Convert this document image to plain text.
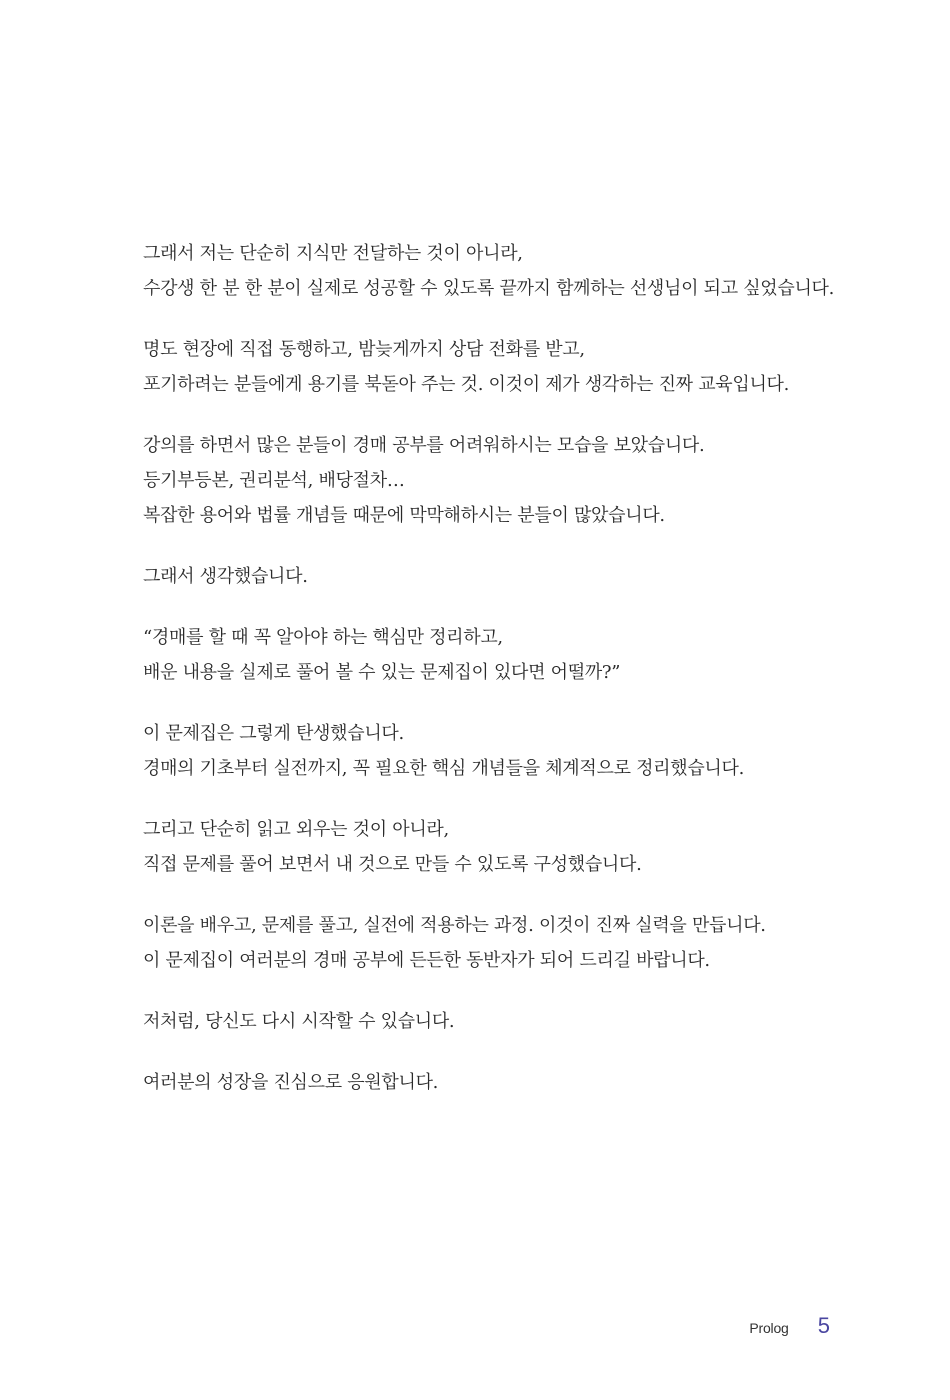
그래서 저는 단순히 지식만 전달하는 것이 아니라,
수강생 한 분 한 분이 실제로 성공할 수 있도록 끝까지 함께하는 선생님이 되고 싶었습니다.

명도 현장에 직접 동행하고, 밤늦게까지 상담 전화를 받고,
포기하려는 분들에게 용기를 북돋아 주는 것. 이것이 제가 생각하는 진짜 교육입니다.

강의를 하면서 많은 분들이 경매 공부를 어려워하시는 모습을 보았습니다.
등기부등본, 권리분석, 배당절차…
복잡한 용어와 법률 개념들 때문에 막막해하시는 분들이 많았습니다.

그래서 생각했습니다.

“경매를 할 때 꼭 알아야 하는 핵심만 정리하고,
배운 내용을 실제로 풀어 볼 수 있는 문제집이 있다면 어떨까?”

이 문제집은 그렇게 탄생했습니다.
경매의 기초부터 실전까지, 꼭 필요한 핵심 개념들을 체계적으로 정리했습니다.

그리고 단순히 읽고 외우는 것이 아니라,
직접 문제를 풀어 보면서 내 것으로 만들 수 있도록 구성했습니다.

이론을 배우고, 문제를 풀고, 실전에 적용하는 과정. 이것이 진짜 실력을 만듭니다.
이 문제집이 여러분의 경매 공부에 든든한 동반자가 되어 드리길 바랍니다.

저처럼, 당신도 다시 시작할 수 있습니다.

여러분의 성장을 진심으로 응원합니다.

Prolog 5
